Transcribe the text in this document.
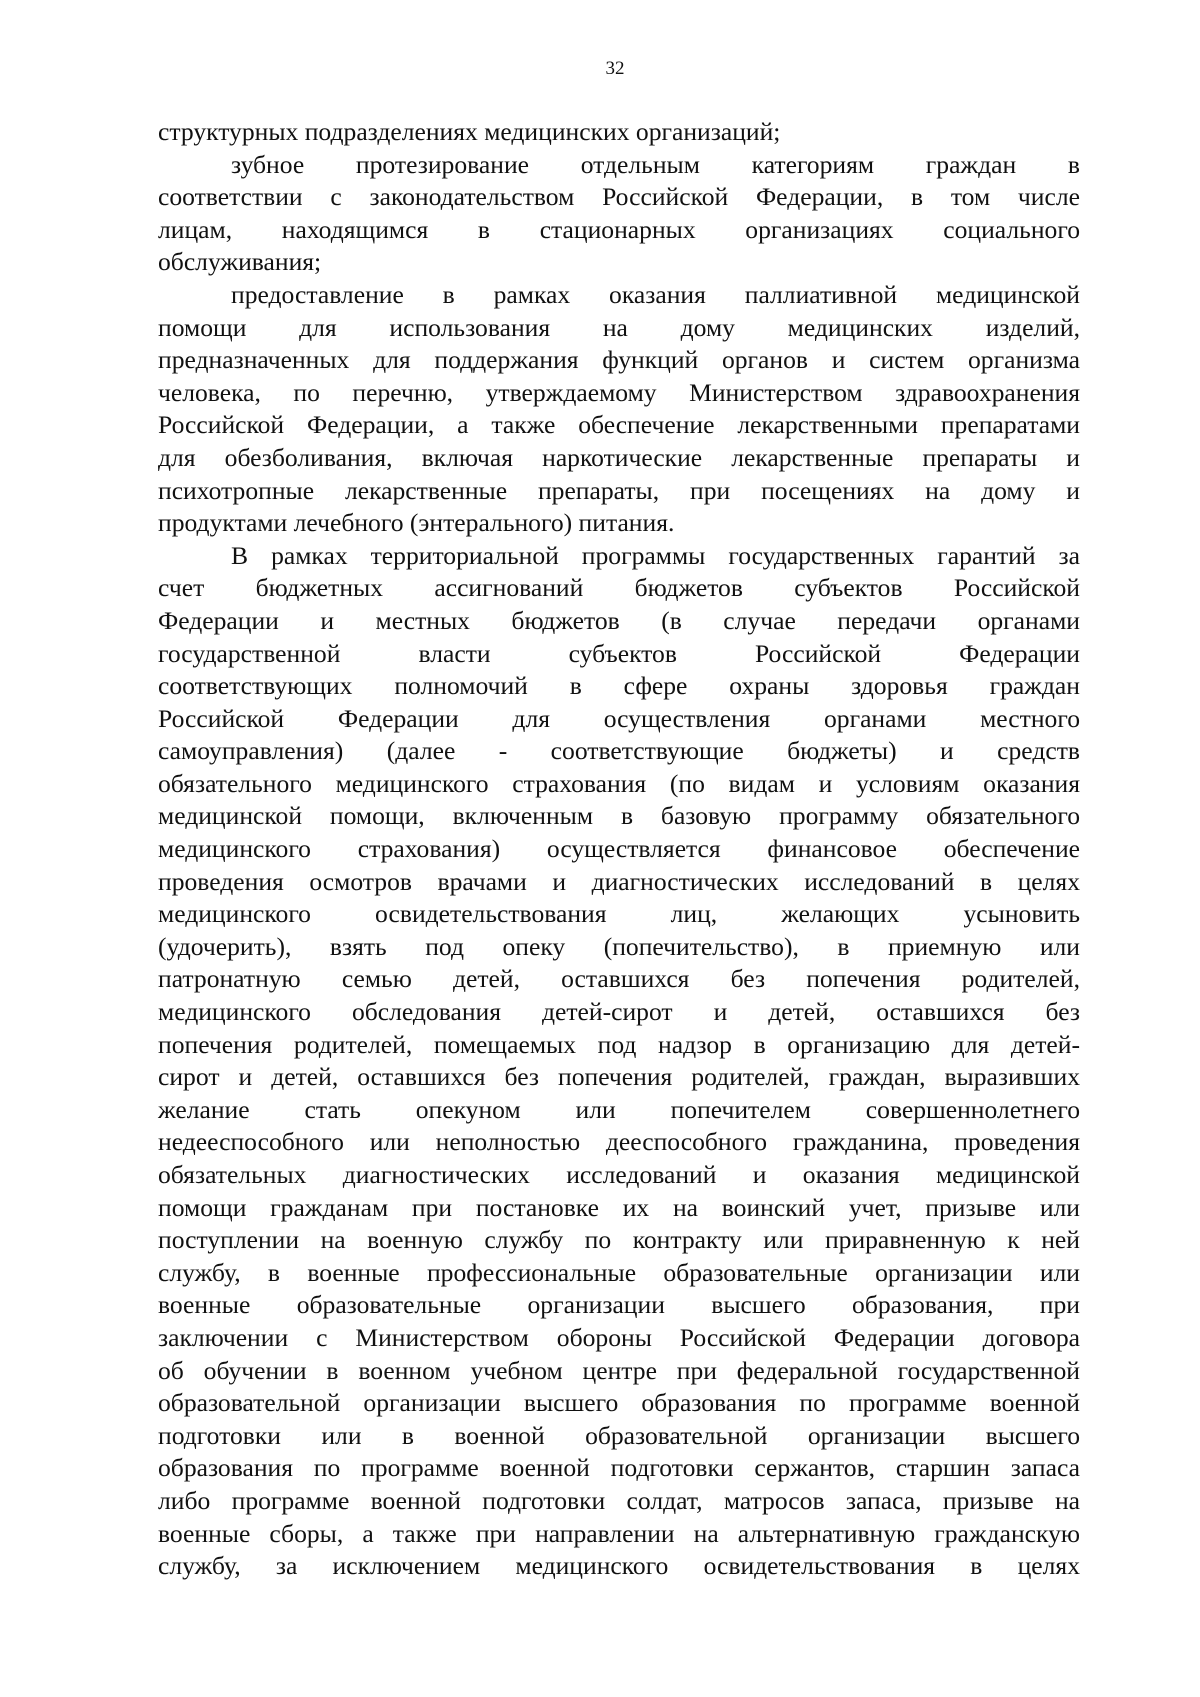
32
структурных подразделениях медицинских организаций;
зубное протезирование отдельным категориям граждан в
соответствии с законодательством Российской Федерации, в том числе
лицам, находящимся в стационарных организациях социального
обслуживания;
предоставление в рамках оказания паллиативной медицинской
помощи для использования на дому медицинских изделий,
предназначенных для поддержания функций органов и систем организма
человека, по перечню, утверждаемому Министерством здравоохранения
Российской Федерации, а также обеспечение лекарственными препаратами
для обезболивания, включая наркотические лекарственные препараты и
психотропные лекарственные препараты, при посещениях на дому и
продуктами лечебного (энтерального) питания.
В рамках территориальной программы государственных гарантий за
счет бюджетных ассигнований бюджетов субъектов Российской
Федерации и местных бюджетов (в случае передачи органами
государственной власти субъектов Российской Федерации
соответствующих полномочий в сфере охраны здоровья граждан
Российской Федерации для осуществления органами местного
самоуправления) (далее - соответствующие бюджеты) и средств
обязательного медицинского страхования (по видам и условиям оказания
медицинской помощи, включенным в базовую программу обязательного
медицинского страхования) осуществляется финансовое обеспечение
проведения осмотров врачами и диагностических исследований в целях
медицинского освидетельствования лиц, желающих усыновить
(удочерить), взять под опеку (попечительство), в приемную или
патронатную семью детей, оставшихся без попечения родителей,
медицинского обследования детей-сирот и детей, оставшихся без
попечения родителей, помещаемых под надзор в организацию для детей-
сирот и детей, оставшихся без попечения родителей, граждан, выразивших
желание стать опекуном или попечителем совершеннолетнего
недееспособного или неполностью дееспособного гражданина, проведения
обязательных диагностических исследований и оказания медицинской
помощи гражданам при постановке их на воинский учет, призыве или
поступлении на военную службу по контракту или приравненную к ней
службу, в военные профессиональные образовательные организации или
военные образовательные организации высшего образования, при
заключении с Министерством обороны Российской Федерации договора
об обучении в военном учебном центре при федеральной государственной
образовательной организации высшего образования по программе военной
подготовки или в военной образовательной организации высшего
образования по программе военной подготовки сержантов, старшин запаса
либо программе военной подготовки солдат, матросов запаса, призыве на
военные сборы, а также при направлении на альтернативную гражданскую
службу, за исключением медицинского освидетельствования в целях
